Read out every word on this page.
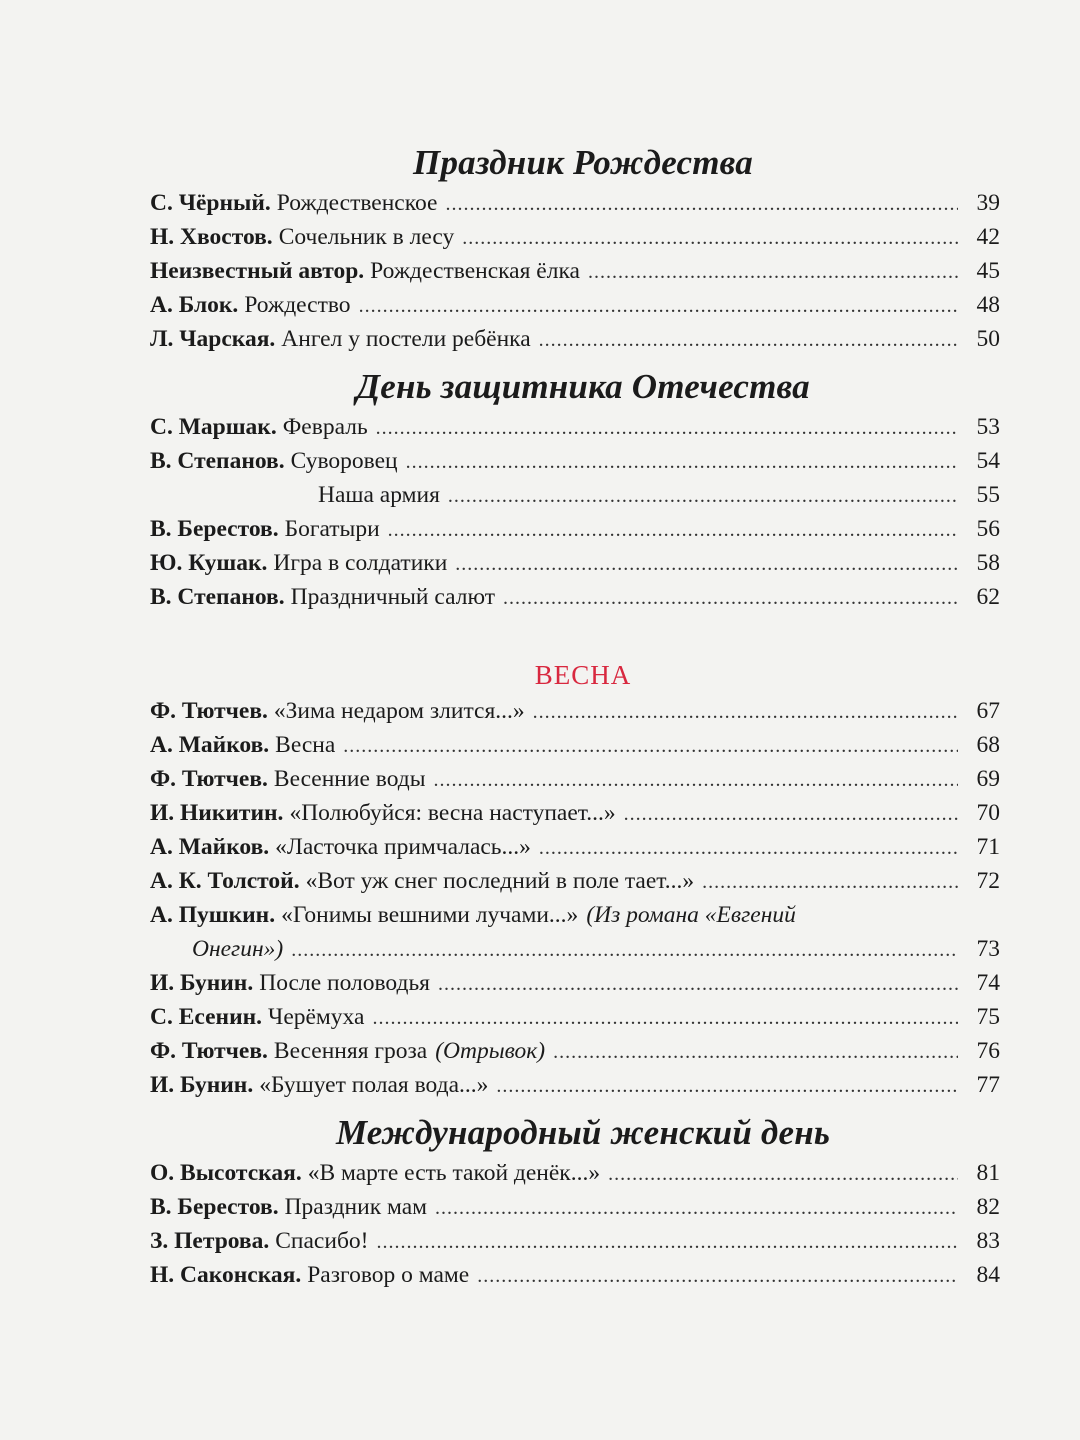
Праздник Рождества
С. Чёрный. Рождественское .....	39
Н. Хвостов. Сочельник в лесу .....	42
Неизвестный автор. Рождественская ёлка .....	45
А. Блок. Рождество .....	48
Л. Чарская. Ангел у постели ребёнка .....	50
День защитника Отечества
С. Маршак. Февраль .....	53
В. Степанов. Суворовец .....	54
Наша армия .....	55
В. Берестов. Богатыри .....	56
Ю. Кушак. Игра в солдатики .....	58
В. Степанов. Праздничный салют .....	62
ВЕСНА
Ф. Тютчев. «Зима недаром злится...» .....	67
А. Майков. Весна .....	68
Ф. Тютчев. Весенние воды .....	69
И. Никитин. «Полюбуйся: весна наступает...» .....	70
А. Майков. «Ласточка примчалась...» .....	71
А. К. Толстой. «Вот уж снег последний в поле тает...» .....	72
А. Пушкин. «Гонимы вешними лучами...» (Из романа «Евгений
Онегин») .....	73
И. Бунин. После половодья .....	74
С. Есенин. Черёмуха .....	75
Ф. Тютчев. Весенняя гроза (Отрывок) .....	76
И. Бунин. «Бушует полая вода...» .....	77
Международный женский день
О. Высотская. «В марте есть такой денёк...» .....	81
В. Берестов. Праздник мам .....	82
З. Петрова. Спасибо! .....	83
Н. Саконская. Разговор о маме .....	84
